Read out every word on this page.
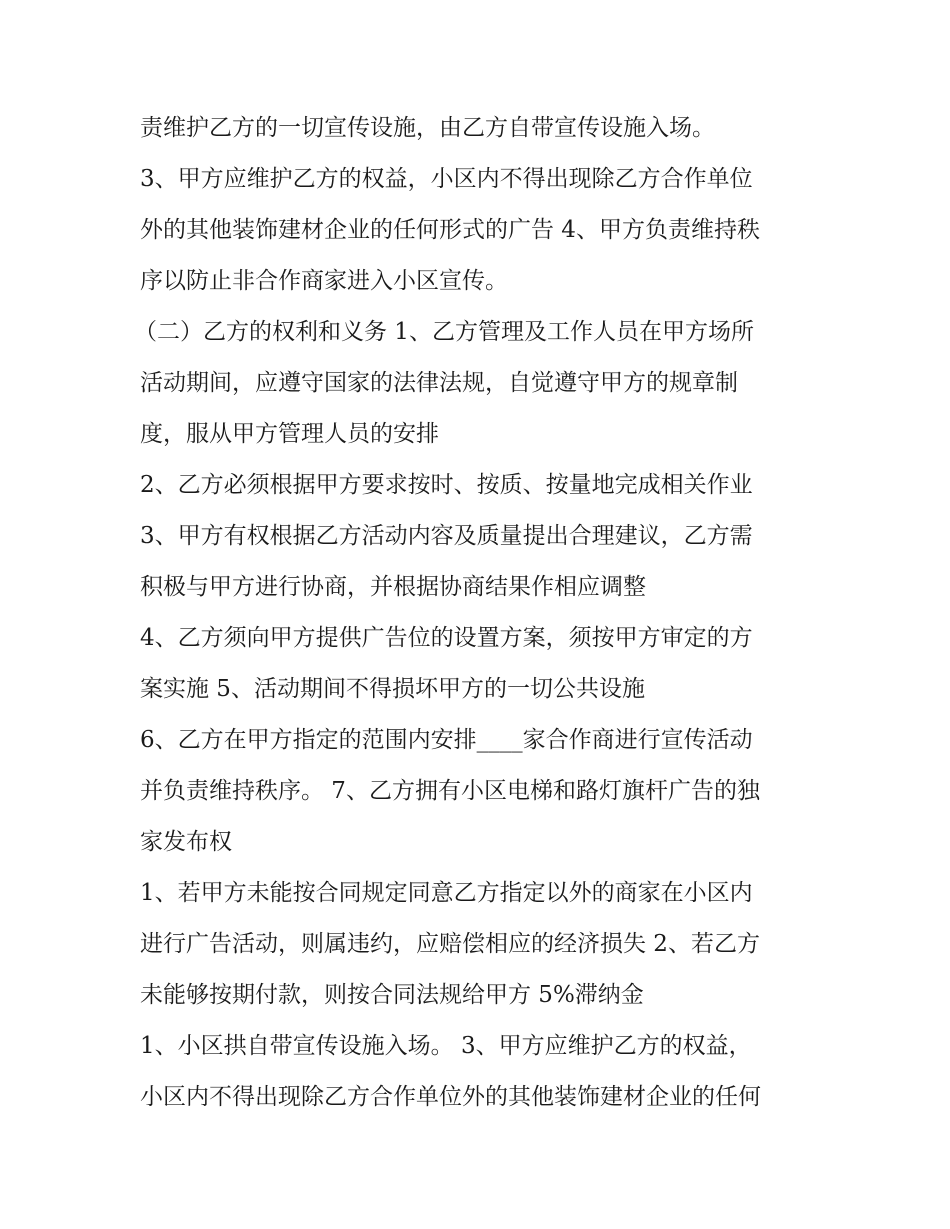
责维护乙方的一切宣传设施，由乙方自带宣传设施入场。
3、甲方应维护乙方的权益，小区内不得出现除乙方合作单位
外的其他装饰建材企业的任何形式的广告 4、甲方负责维持秩
序以防止非合作商家进入小区宣传。
（二）乙方的权利和义务 1、乙方管理及工作人员在甲方场所
活动期间，应遵守国家的法律法规，自觉遵守甲方的规章制
度，服从甲方管理人员的安排
2、乙方必须根据甲方要求按时、按质、按量地完成相关作业
3、甲方有权根据乙方活动内容及质量提出合理建议，乙方需
积极与甲方进行协商，并根据协商结果作相应调整
4、乙方须向甲方提供广告位的设置方案，须按甲方审定的方
案实施 5、活动期间不得损坏甲方的一切公共设施
6、乙方在甲方指定的范围内安排____家合作商进行宣传活动
并负责维持秩序。 7、乙方拥有小区电梯和路灯旗杆广告的独
家发布权
1、若甲方未能按合同规定同意乙方指定以外的商家在小区内
进行广告活动，则属违约，应赔偿相应的经济损失 2、若乙方
未能够按期付款，则按合同法规给甲方 5%滞纳金
1、小区拱自带宣传设施入场。 3、甲方应维护乙方的权益，
小区内不得出现除乙方合作单位外的其他装饰建材企业的任何
